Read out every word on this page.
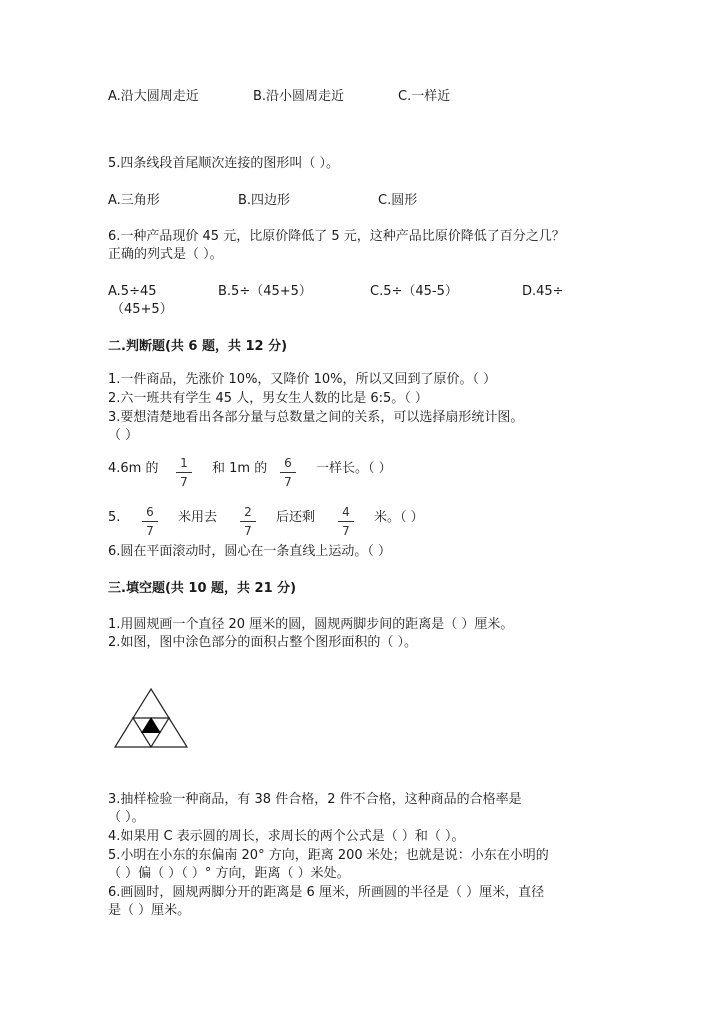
A.沿大圆周走近	B.沿小圆周走近	C.一样近
5.四条线段首尾顺次连接的图形叫（ ）。
A.三角形	B.四边形	C.圆形
6.一种产品现价 45 元，比原价降低了 5 元，这种产品比原价降低了百分之几？
正确的列式是（ ）。
A.5÷45	B.5÷（45+5）	C.5÷（45-5）	D.45÷
（45+5）
二.判断题(共 6 题，共 12 分)
1.一件商品，先涨价 10%，又降价 10%，所以又回到了原价。（ ）
2.六一班共有学生 45 人，男女生人数的比是 6:5。（ ）
3.要想清楚地看出各部分量与总数量之间的关系，可以选择扇形统计图。
（ ）
4.6m 的 $\frac{1}{7}$ 和 1m 的 $\frac{6}{7}$ 一样长。（ ）
5. $\frac{6}{7}$ 米用去 $\frac{2}{7}$ 后还剩 $\frac{4}{7}$ 米。（ ）
6.圆在平面滚动时，圆心在一条直线上运动。（ ）
三.填空题(共 10 题，共 21 分)
1.用圆规画一个直径 20 厘米的圆，圆规两脚步间的距离是（ ）厘米。
2.如图，图中涂色部分的面积占整个图形面积的（ ）。
3.抽样检验一种商品，有 38 件合格，2 件不合格，这种商品的合格率是
（ ）。
4.如果用 C 表示圆的周长，求周长的两个公式是（ ）和（ ）。
5.小明在小东的东偏南 20° 方向，距离 200 米处；也就是说：小东在小明的
（ ）偏（ ）（ ）° 方向，距离（ ）米处。
6.画圆时，圆规两脚分开的距离是 6 厘米，所画圆的半径是（ ）厘米，直径
是（ ）厘米。
